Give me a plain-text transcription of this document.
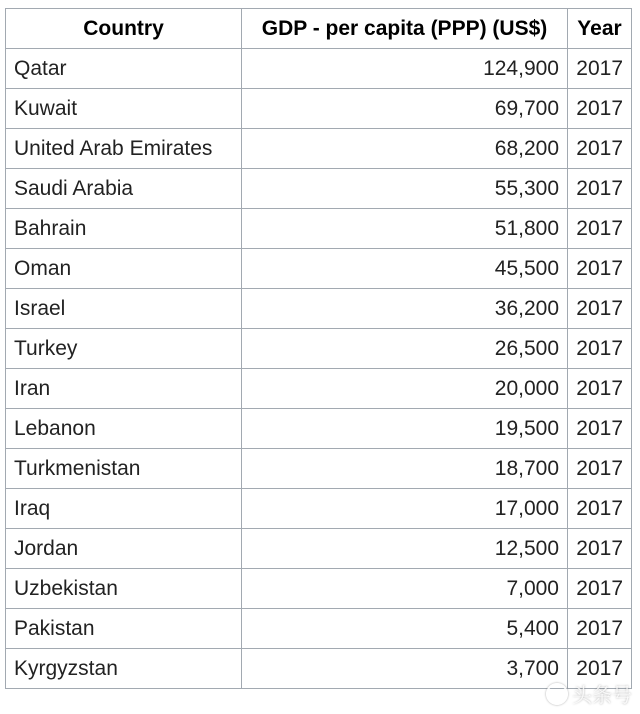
Country	GDP - per capita (PPP) (US$)	Year
Qatar	124,900	2017
Kuwait	69,700	2017
United Arab Emirates	68,200	2017
Saudi Arabia	55,300	2017
Bahrain	51,800	2017
Oman	45,500	2017
Israel	36,200	2017
Turkey	26,500	2017
Iran	20,000	2017
Lebanon	19,500	2017
Turkmenistan	18,700	2017
Iraq	17,000	2017
Jordan	12,500	2017
Uzbekistan	7,000	2017
Pakistan	5,400	2017
Kyrgyzstan	3,700	2017
头条号
